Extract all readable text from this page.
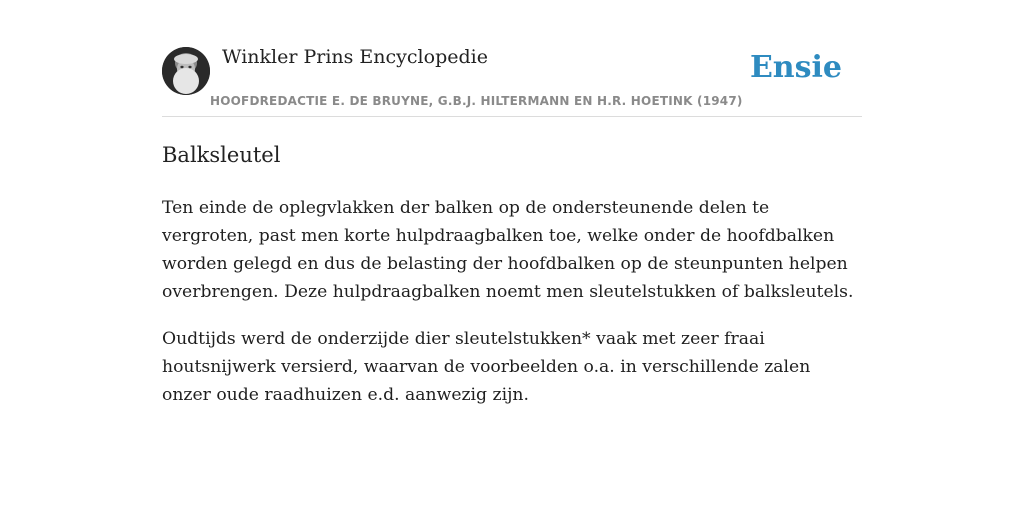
Winkler Prins Encyclopedie
HOOFDREDACTIE E. DE BRUYNE, G.B.J. HILTERMANN EN H.R. HOETINK (1947)
Ensie
Balksleutel

Ten einde de oplegvlakken der balken op de ondersteunende delen te vergroten, past men korte hulpdraagbalken toe, welke onder de hoofdbalken worden gelegd en dus de belasting der hoofdbalken op de steunpunten helpen overbrengen. Deze hulpdraagbalken noemt men sleutelstukken of balksleutels.

Oudtijds werd de onderzijde dier sleutelstukken* vaak met zeer fraai houtsnijwerk versierd, waarvan de voorbeelden o.a. in verschillende zalen onzer oude raadhuizen e.d. aanwezig zijn.
